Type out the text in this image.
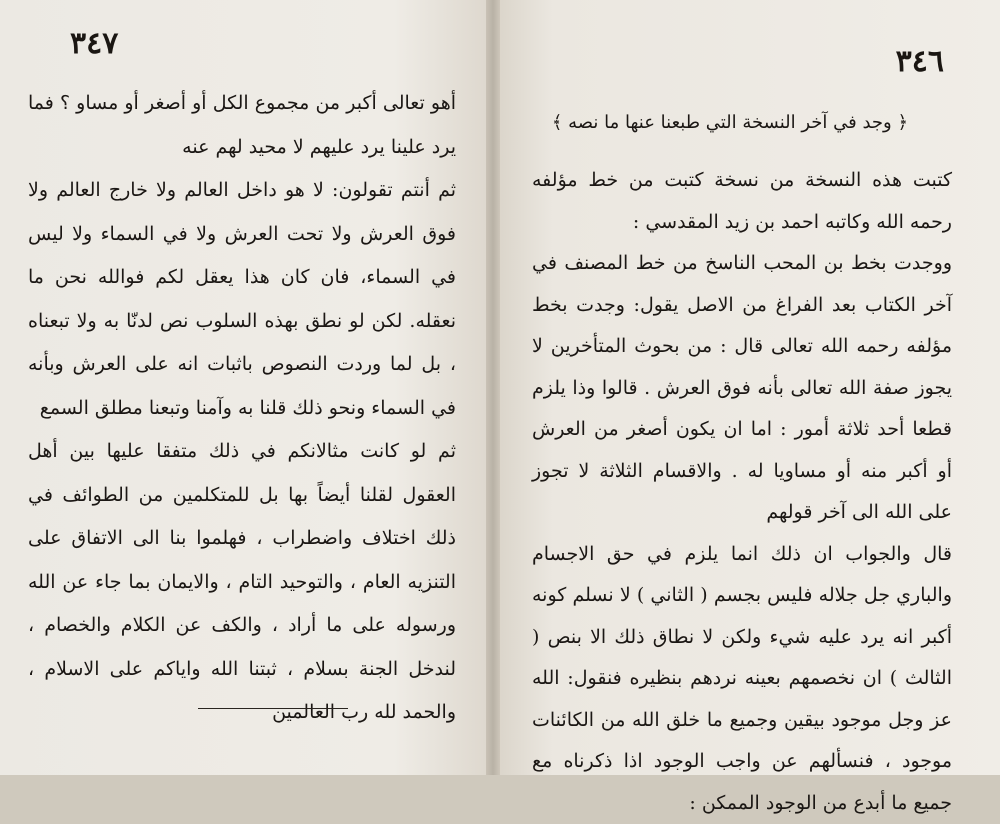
٣٤٧

أهو تعالى أكبر من مجموع الكل أو أصغر أو مساو ؟ فما يرد علينا يرد عليهم لا محيد لهم عنه

ثم أنتم تقولون: لا هو داخل العالم ولا خارج العالم ولا فوق العرش ولا تحت العرش ولا في السماء ولا ليس في السماء، فان كان هذا يعقل لكم فوالله نحن ما نعقله. لكن لو نطق بهذه السلوب نص لدنّا به ولا تبعناه ، بل لما وردت النصوص باثبات انه على العرش وبأنه في السماء ونحو ذلك قلنا به وآمنا وتبعنا مطلق السمع

ثم لو كانت مثالانكم في ذلك متفقا عليها بين أهل العقول لقلنا أيضاً بها بل للمتكلمين من الطوائف في ذلك اختلاف واضطراب ، فهلموا بنا الى الاتفاق على التنزيه العام ، والتوحيد التام ، والايمان بما جاء عن الله ورسوله على ما أراد ، والكف عن الكلام والخصام ، لندخل الجنة بسلام ، ثبتنا الله واياكم على الاسلام ، والحمد لله رب العالمين

٣٤٦
﴿ وجد في آخر النسخة التي طبعنا عنها ما نصه ﴾

كتبت هذه النسخة من نسخة كتبت من خط مؤلفه رحمه الله وكاتبه احمد بن زيد المقدسي :

ووجدت بخط بن المحب الناسخ من خط المصنف في آخر الكتاب بعد الفراغ من الاصل يقول: وجدت بخط مؤلفه رحمه الله تعالى قال : من بحوث المتأخرين لا يجوز صفة الله تعالى بأنه فوق العرش . قالوا وذا يلزم قطعا أحد ثلاثة أمور : اما ان يكون أصغر من العرش أو أكبر منه أو مساويا له . والاقسام الثلاثة لا تجوز على الله الى آخر قولهم

قال والجواب ان ذلك انما يلزم في حق الاجسام والباري جل جلاله فليس بجسم ( الثاني ) لا نسلم كونه أكبر انه يرد عليه شيء ولكن لا نطاق ذلك الا بنص ( الثالث ) ان نخصمهم بعينه نردهم بنظيره فنقول: الله عز وجل موجود بيقين وجميع ما خلق الله من الكائنات موجود ، فنسألهم عن واجب الوجود اذا ذكرناه مع جميع ما أبدع من الوجود الممكن :
